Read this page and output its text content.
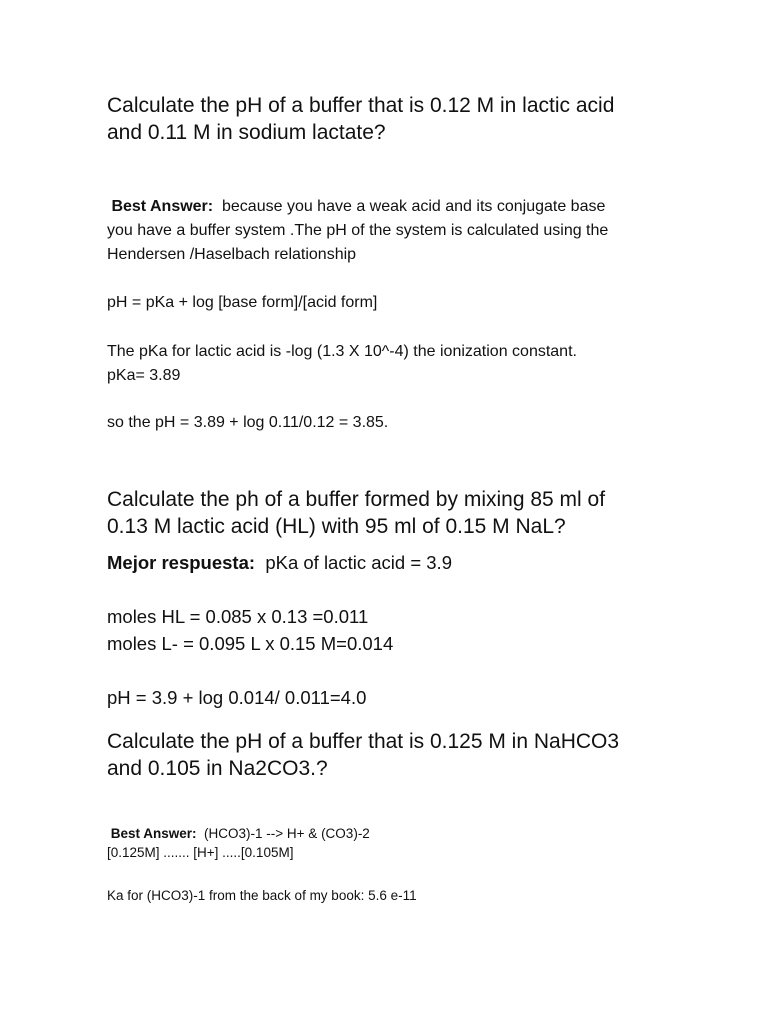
Calculate the pH of a buffer that is 0.12 M in lactic acid
and 0.11 M in sodium lactate?
Best Answer:  because you have a weak acid and its conjugate base
you have a buffer system .The pH of the system is calculated using the
Hendersen /Haselbach relationship
pH = pKa + log [base form]/[acid form]
The pKa for lactic acid is -log (1.3 X 10^-4) the ionization constant.
pKa= 3.89
so the pH = 3.89 + log 0.11/0.12 = 3.85.
Calculate the ph of a buffer formed by mixing 85 ml of
0.13 M lactic acid (HL) with 95 ml of 0.15 M NaL?
Mejor respuesta:  pKa of lactic acid = 3.9
moles HL = 0.085 x 0.13 =0.011
moles L- = 0.095 L x 0.15 M=0.014
pH = 3.9 + log 0.014/ 0.011=4.0
Calculate the pH of a buffer that is 0.125 M in NaHCO3
and 0.105 in Na2CO3.?
Best Answer:  (HCO3)-1 --> H+ & (CO3)-2
[0.125M] ....... [H+] .....[0.105M]
Ka for (HCO3)-1 from the back of my book: 5.6 e-11
